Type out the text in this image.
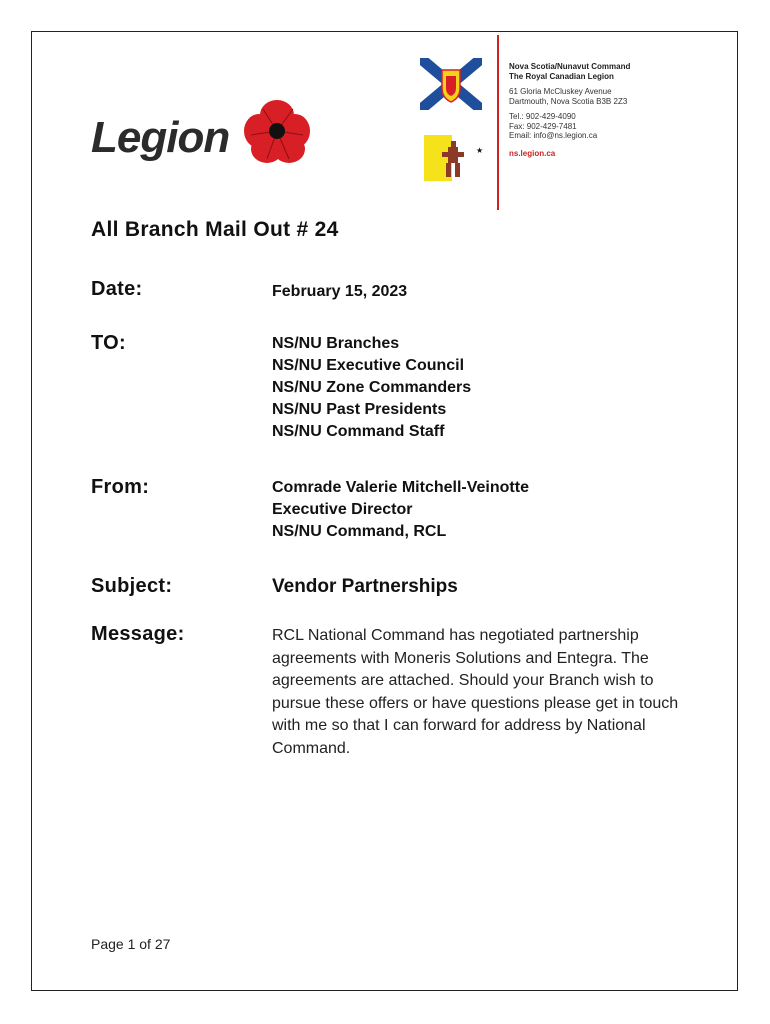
Legion	★
Nova Scotia/Nunavut Command
The Royal Canadian Legion
61 Gloria McCluskey Avenue
Dartmouth, Nova Scotia B3B 2Z3
Tel.: 902-429-4090
Fax: 902-429-7481
Email: info@ns.legion.ca
ns.legion.ca
All Branch Mail Out # 24
Date:	February 15, 2023
TO:	NS/NU Branches
NS/NU Executive Council
NS/NU Zone Commanders
NS/NU Past Presidents
NS/NU Command Staff
From:	Comrade Valerie Mitchell-Veinotte
Executive Director
NS/NU Command, RCL
Subject:	Vendor Partnerships
Message:	RCL National Command has negotiated partnership agreements with Moneris Solutions and Entegra. The agreements are attached. Should your Branch wish to pursue these offers or have questions please get in touch with me so that I can forward for address by National Command.
Page 1 of 27
